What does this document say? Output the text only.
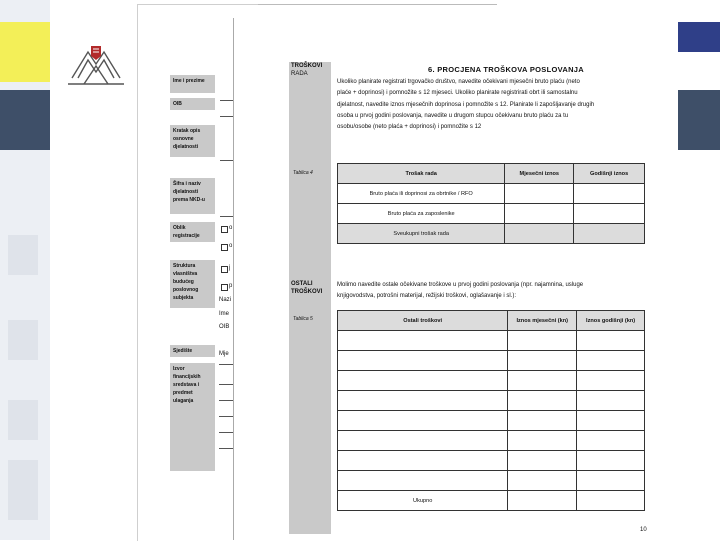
Ime i prezime
OIB
Kratak opis osnovne djelatnosti
Šifra i naziv djelatnosti prema NKD-u
Oblik registracije
Struktura vlasništva budućeg poslovnog subjekta
Sjedište
Izvor financijskih sredstava i predmet ulaganja
o
o
j
p
Nazi
Ime
OIB
Mje
TROŠKOVI
RADA
Tablica 4
OSTALI
TROŠKOVI
Tablica 5
6. PROCJENA TROŠKOVA POSLOVANJA
Ukoliko planirate registrati trgovačko društvo, navedite očekivani mjesečni bruto plaću (neto
plaće + doprinosi) i pomnožite s 12 mjeseci. Ukoliko planirate registrirati obrt ili samostalnu
djelatnost, navedite iznos mjesečnih doprinosa i pomnožite s 12. Planirate li zapošljavanje drugih
osoba u prvoj godini poslovanja, navedite u drugom stupcu očekivanu bruto plaću za tu
osobu/osobe (neto plaća + doprinosi) i pomnožite s 12
Trošak rada	Mjesečni iznos	Godišnji iznos
Bruto plaća ili doprinosi za obrtnike / RFO		
Bruto plaća za zaposlenike		
Sveukupni trošak rada		
Molimo navedite ostale očekivane troškove u prvoj godini poslovanja (npr. najamnina, usluge
knjigovodstva, potrošni materijal, režijski troškovi, oglašavanje i sl.):
Ostali troškovi	Iznos mjesečni (kn)	Iznos godišnji (kn)

Ukupno		
10
